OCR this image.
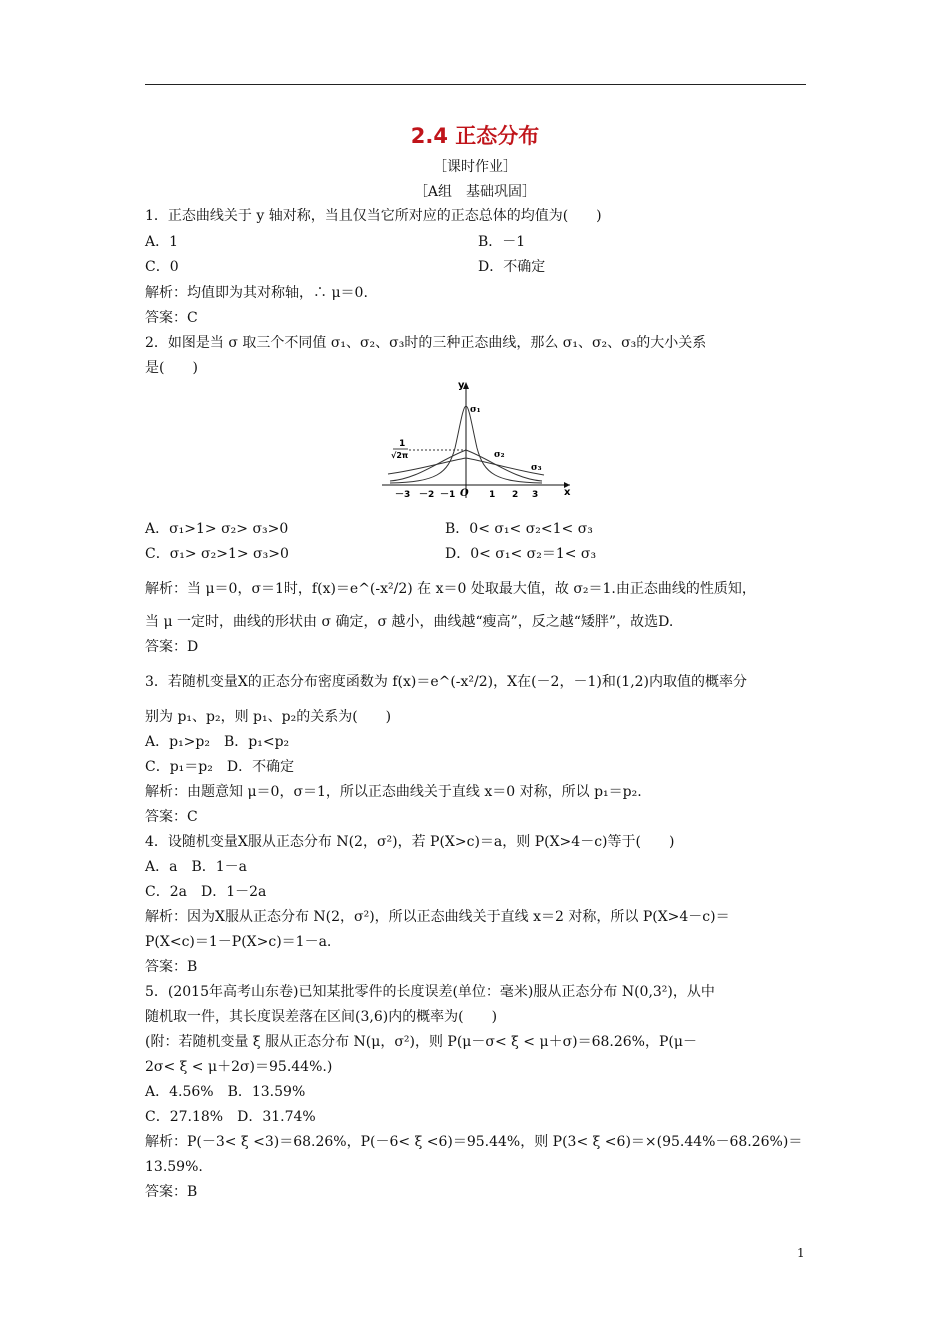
2.4 正态分布
［课时作业］
［A组　基础巩固］
1．正态曲线关于 y 轴对称，当且仅当它所对应的正态总体的均值为(　　)
A．1	B．－1
C．0	D．不确定
解析：均值即为其对称轴，∴ μ＝0.
答案：C
2．如图是当 σ 取三个不同值 σ₁、σ₂、σ₃时的三种正态曲线，那么 σ₁、σ₂、σ₃的大小关系
是(　　)
1
√2π
y
x
σ₁
σ₂
σ₃
O
－3 －2 －1	1 2 3
A．σ₁>1> σ₂> σ₃>0	B．0< σ₁< σ₂<1< σ₃
C．σ₁> σ₂>1> σ₃>0	D．0< σ₁< σ₂＝1< σ₃
解析：当 μ＝0，σ＝1时，f(x)＝e^(-x²/2) 在 x＝0 处取最大值，故 σ₂＝1.由正态曲线的性质知，
当 μ 一定时，曲线的形状由 σ 确定，σ 越小，曲线越“瘦高”，反之越“矮胖”，故选D.
答案：D
3．若随机变量X的正态分布密度函数为 f(x)＝e^(-x²/2)，X在(－2，－1)和(1,2)内取值的概率分
别为 p₁、p₂，则 p₁、p₂的关系为(　　)
A．p₁>p₂　B．p₁<p₂
C．p₁＝p₂　D．不确定
解析：由题意知 μ＝0，σ＝1，所以正态曲线关于直线 x＝0 对称，所以 p₁＝p₂.
答案：C
4．设随机变量X服从正态分布 N(2，σ²)，若 P(X>c)＝a，则 P(X>4－c)等于(　　)
A．a　B．1－a
C．2a　D．1－2a
解析：因为X服从正态分布 N(2，σ²)，所以正态曲线关于直线 x＝2 对称，所以 P(X>4－c)＝
P(X<c)＝1－P(X>c)＝1－a.
答案：B
5．(2015年高考山东卷)已知某批零件的长度误差(单位：毫米)服从正态分布 N(0,3²)，从中
随机取一件，其长度误差落在区间(3,6)内的概率为(　　)
(附：若随机变量 ξ 服从正态分布 N(μ，σ²)，则 P(μ－σ< ξ < μ＋σ)＝68.26%，P(μ－
2σ< ξ < μ＋2σ)＝95.44%.)
A．4.56%　B．13.59%
C．27.18%　D．31.74%
解析：P(－3< ξ <3)＝68.26%，P(－6< ξ <6)＝95.44%，则 P(3< ξ <6)＝×(95.44%－68.26%)＝
13.59%.
答案：B
1
